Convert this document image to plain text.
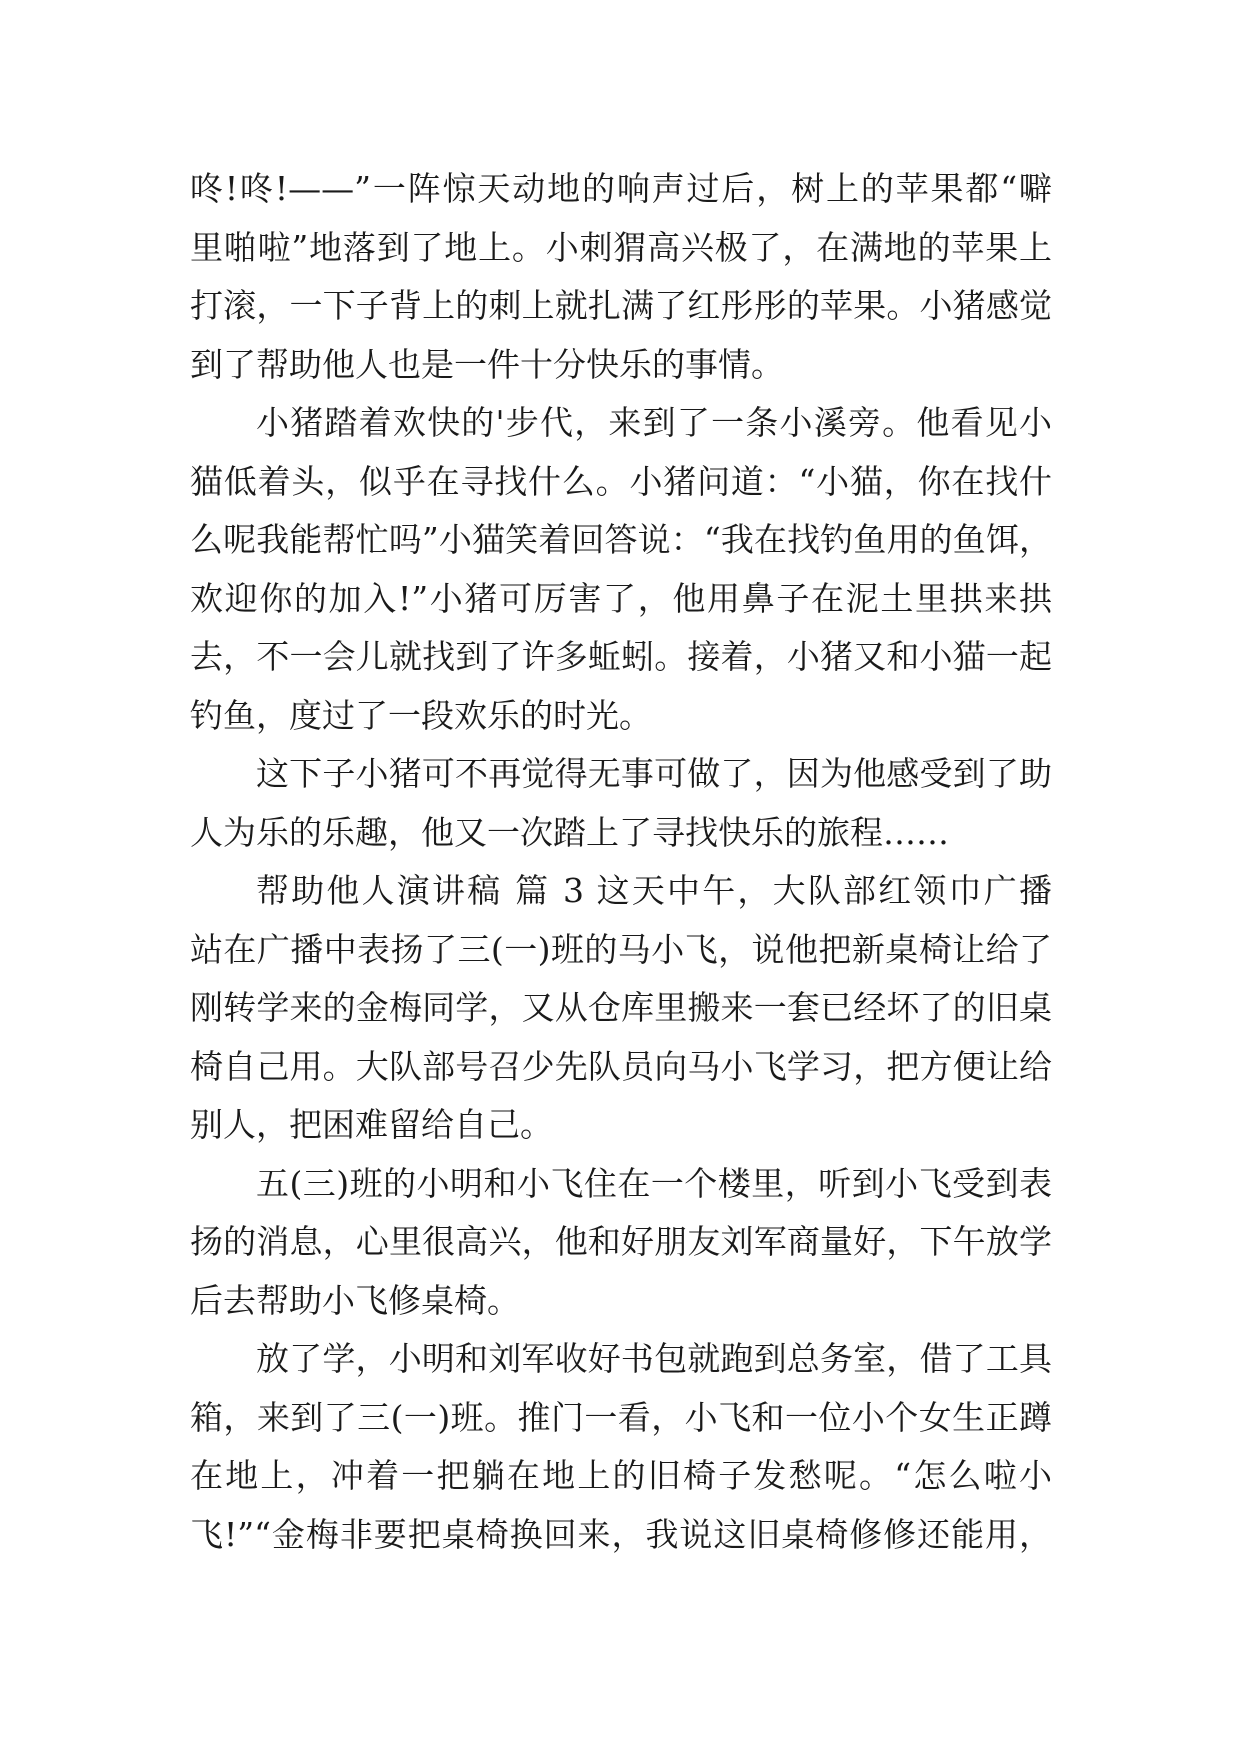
咚!咚!——”一阵惊天动地的响声过后，树上的苹果都“噼
里啪啦”地落到了地上。小刺猬高兴极了，在满地的苹果上
打滚，一下子背上的刺上就扎满了红彤彤的苹果。小猪感觉
到了帮助他人也是一件十分快乐的事情。
小猪踏着欢快的'步代，来到了一条小溪旁。他看见小
猫低着头，似乎在寻找什么。小猪问道：“小猫，你在找什
么呢我能帮忙吗”小猫笑着回答说：“我在找钓鱼用的鱼饵，
欢迎你的加入!”小猪可厉害了，他用鼻子在泥土里拱来拱
去，不一会儿就找到了许多蚯蚓。接着，小猪又和小猫一起
钓鱼，度过了一段欢乐的时光。
这下子小猪可不再觉得无事可做了，因为他感受到了助
人为乐的乐趣，他又一次踏上了寻找快乐的旅程……
帮助他人演讲稿 篇 3 这天中午，大队部红领巾广播
站在广播中表扬了三(一)班的马小飞，说他把新桌椅让给了
刚转学来的金梅同学，又从仓库里搬来一套已经坏了的旧桌
椅自己用。大队部号召少先队员向马小飞学习，把方便让给
别人，把困难留给自己。
五(三)班的小明和小飞住在一个楼里，听到小飞受到表
扬的消息，心里很高兴，他和好朋友刘军商量好，下午放学
后去帮助小飞修桌椅。
放了学，小明和刘军收好书包就跑到总务室，借了工具
箱，来到了三(一)班。推门一看，小飞和一位小个女生正蹲
在地上，冲着一把躺在地上的旧椅子发愁呢。“怎么啦小
飞!”“金梅非要把桌椅换回来，我说这旧桌椅修修还能用，
